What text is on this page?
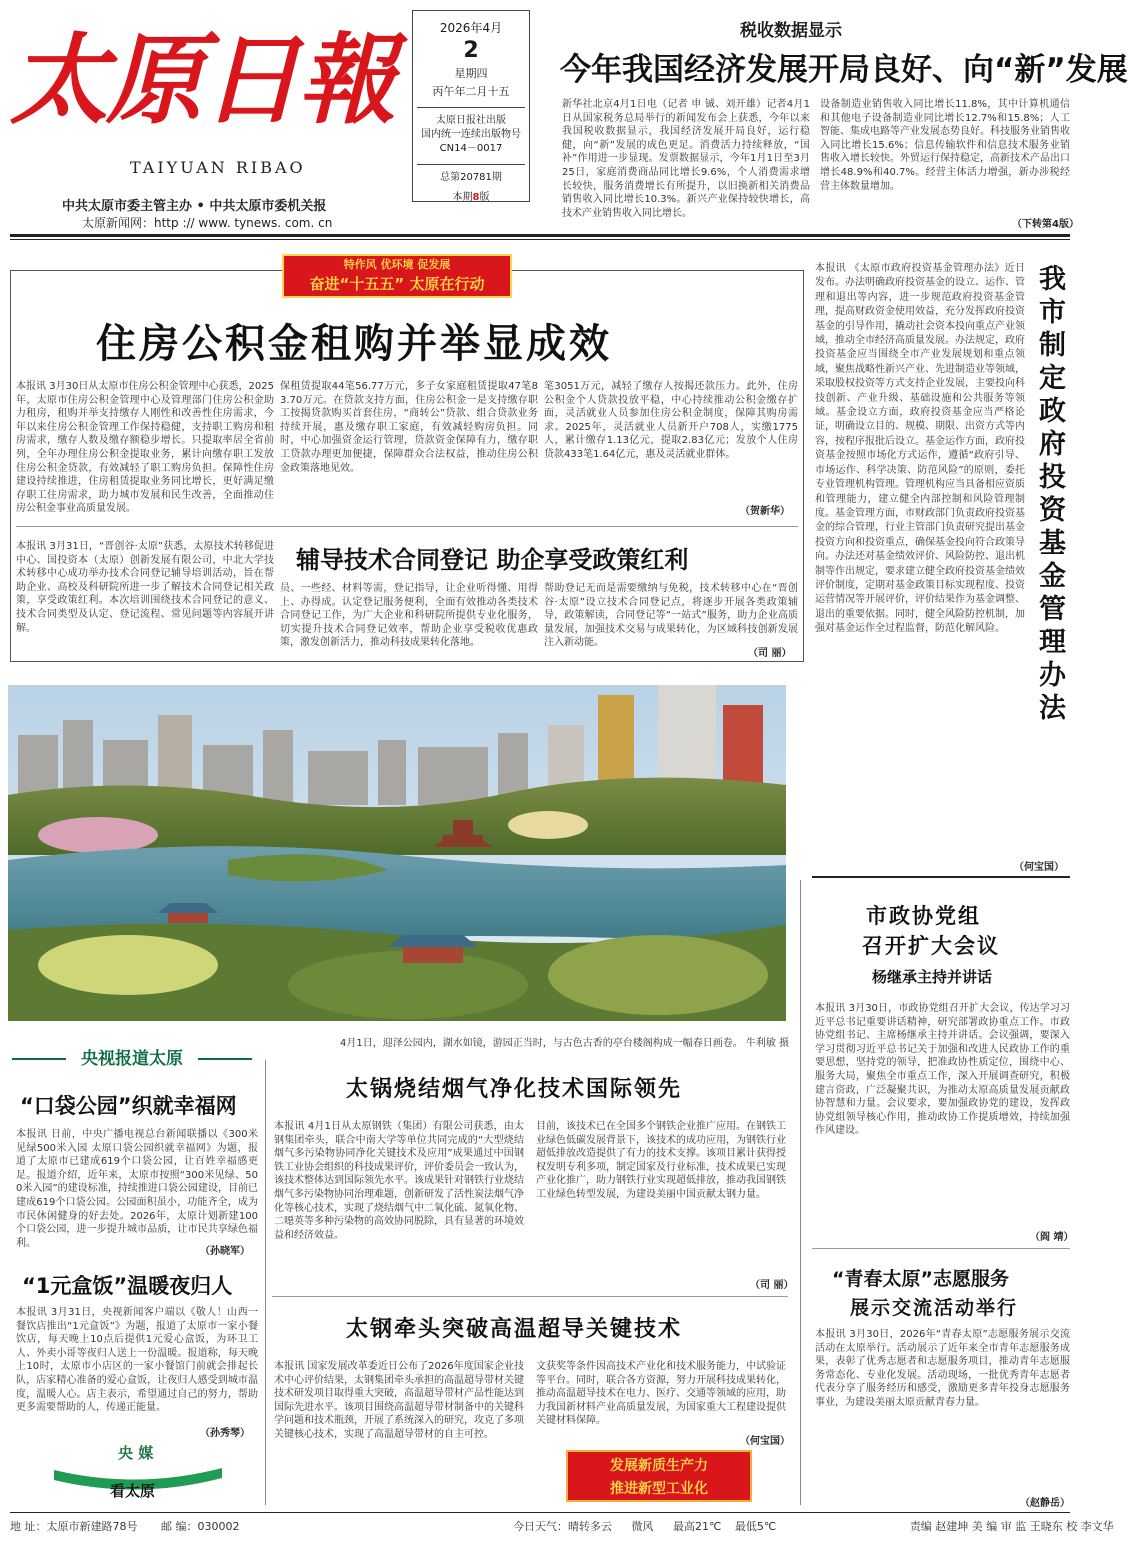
太原日報
TAIYUAN RIBAO
中共太原市委主管主办 • 中共太原市委机关报
太原新闻网：http :// www. tynews. com. cn
2026年4月
2
星期四
丙午年二月十五
太原日报社出版
国内统一连续出版物号
CN14－0017
总第20781期
本期8版
税收数据显示
今年我国经济发展开局良好、向“新”发展
新华社北京4月1日电（记者 申 铖、刘开雄）记者4月1日从国家税务总局举行的新闻发布会上获悉，今年以来我国税收数据显示，我国经济发展开局良好，运行稳健，向“新”发展的成色更足。消费活力持续释放，“国补”作用进一步显现。发票数据显示，今年1月1日至3月25日，家庭消费商品同比增长9.6%，个人消费需求增长较快，服务消费增长有所提升，以旧换新相关消费品销售收入同比增长10.3%。新兴产业保持较快增长，高技术产业销售收入同比增长。
设备制造业销售收入同比增长11.8%，其中计算机通信和其他电子设备制造业同比增长12.7%和15.8%；人工智能、集成电路等产业发展态势良好。科技服务业销售收入同比增长15.6%；信息传输软件和信息技术服务业销售收入增长较快。外贸运行保持稳定，高新技术产品出口增长48.9%和40.7%。经营主体活力增强，新办涉税经营主体数量增加。
（下转第4版）
特作风 优环境 促发展
奋进“十五五” 太原在行动
住房公积金租购并举显成效
本报讯 3月30日从太原市住房公积金管理中心获悉，2025年，太原市住房公积金管理中心及管理部门住房公积金助力租房，租购并举支持缴存人刚性和改善性住房需求，今年以来住房公积金管理工作保持稳健，支持职工购房和租房需求，缴存人数及缴存额稳步增长。只提取率居全省前列，全年办理住房公积金提取业务，累计向缴存职工发放住房公积金贷款，有效减轻了职工购房负担。保障性住房建设持续推进，住房租赁提取业务同比增长，更好满足缴存职工住房需求，助力城市发展和民生改善，全面推动住房公积金事业高质量发展。
保租赁提取44笔56.77万元，多子女家庭租赁提取47笔83.70万元。在贷款支持方面，住房公积金一是支持缴存职工按揭贷款购买首套住房，“商转公”贷款、组合贷款业务持续开展，惠及缴存职工家庭，有效减轻购房负担。同时，中心加强资金运行管理，贷款资金保障有力，缴存职工贷款办理更加便捷，保障群众合法权益，推动住房公积金政策落地见效。
笔3051万元，减轻了缴存人按揭还款压力。此外，住房公积金个人贷款投放平稳，中心持续推动公积金缴存扩面，灵活就业人员参加住房公积金制度，保障其购房需求。2025年，灵活就业人员新开户708人，实缴1775人，累计缴存1.13亿元，提取2.83亿元；发放个人住房贷款433笔1.64亿元，惠及灵活就业群体。
（贺新华）
辅导技术合同登记 助企享受政策红利
本报讯 3月31日，“晋创谷·太原”获悉，太原技术转移促进中心、国投资本（太原）创新发展有限公司，中北大学技术转移中心成功举办技术合同登记辅导培训活动，旨在帮助企业、高校及科研院所进一步了解技术合同登记相关政策，享受政策红利。本次培训围绕技术合同登记的意义、技术合同类型及认定、登记流程、常见问题等内容展开讲解。
员、一些经、材料等需，登记指导，让企业听得懂、用得上、办得成。认定登记服务便利，全面有效推动各类技术合同登记工作，为广大企业和科研院所提供专业化服务，切实提升技术合同登记效率，帮助企业享受税收优惠政策，激发创新活力，推动科技成果转化落地。
帮助登记无而是需要缴纳与免税，技术转移中心在“晋创谷·太原”设立技术合同登记点，将逐步开展各类政策辅导，政策解读，合同登记等“一站式”服务，助力企业高质量发展，加强技术交易与成果转化，为区域科技创新发展注入新动能。
（司 丽）
本报讯 《太原市政府投资基金管理办法》近日发布。办法明确政府投资基金的设立、运作、管理和退出等内容，进一步规范政府投资基金管理，提高财政资金使用效益，充分发挥政府投资基金的引导作用，撬动社会资本投向重点产业领域，推动全市经济高质量发展。办法规定，政府投资基金应当围绕全市产业发展规划和重点领域，聚焦战略性新兴产业、先进制造业等领域，采取股权投资等方式支持企业发展，主要投向科技创新、产业升级、基础设施和公共服务等领域。基金设立方面，政府投资基金应当严格论证，明确设立目的、规模、期限、出资方式等内容，按程序报批后设立。基金运作方面，政府投资基金按照市场化方式运作，遵循“政府引导、市场运作、科学决策、防范风险”的原则，委托专业管理机构管理。管理机构应当具备相应资质和管理能力，建立健全内部控制和风险管理制度。基金管理方面，市财政部门负责政府投资基金的综合管理，行业主管部门负责研究提出基金投资方向和投资重点，确保基金投向符合政策导向。办法还对基金绩效评价、风险防控、退出机制等作出规定，要求建立健全政府投资基金绩效评价制度，定期对基金政策目标实现程度、投资运营情况等开展评价，评价结果作为基金调整、退出的重要依据。同时，健全风险防控机制，加强对基金运作全过程监督，防范化解风险。	我市制定政府投资基金管理办法
（何宝国）
4月1日，迎泽公园内，湖水如镜，游园正当时，与古色古香的亭台楼阁构成一幅春日画卷。 牛利敏 摄
央视报道太原
“口袋公园”织就幸福网
本报讯 日前，中央广播电视总台新闻联播以《300米见绿500米入园 太原口袋公园织就幸福网》为题，报道了太原市已建成619个口袋公园，让百姓幸福感更足。报道介绍，近年来，太原市按照“300米见绿、500米入园”的建设标准，持续推进口袋公园建设，目前已建成619个口袋公园。公园面积虽小，功能齐全，成为市民休闲健身的好去处。2026年，太原计划新建100个口袋公园，进一步提升城市品质，让市民共享绿色福利。
（孙晓军）
“1元盒饭”温暖夜归人
本报讯 3月31日，央视新闻客户端以《敬人！山西一餐饮店推出“1元盒饭”》为题，报道了太原市一家小餐饮店，每天晚上10点后提供1元爱心盒饭，为环卫工人、外卖小哥等夜归人送上一份温暖。报道称，每天晚上10时，太原市小店区的一家小餐馆门前就会排起长队，店家精心准备的爱心盒饭，让夜归人感受到城市温度，温暖人心。店主表示，希望通过自己的努力，帮助更多需要帮助的人，传递正能量。
（孙秀琴）
央 媒
看太原
太锅烧结烟气净化技术国际领先
本报讯 4月1日从太原钢铁（集团）有限公司获悉，由太钢集团牵头，联合中南大学等单位共同完成的“大型烧结烟气多污染物协同净化关键技术及应用”成果通过中国钢铁工业协会组织的科技成果评价，评价委员会一致认为，该技术整体达到国际领先水平。该成果针对钢铁行业烧结烟气多污染物协同治理难题，创新研发了活性炭法烟气净化等核心技术，实现了烧结烟气中二氧化硫、氮氧化物、二噁英等多种污染物的高效协同脱除，具有显著的环境效益和经济效益。
目前，该技术已在全国多个钢铁企业推广应用。在钢铁工业绿色低碳发展背景下，该技术的成功应用，为钢铁行业超低排放改造提供了有力的技术支撑。该项目累计获得授权发明专利多项，制定国家及行业标准，技术成果已实现产业化推广，助力钢铁行业实现超低排放，推动我国钢铁工业绿色转型发展，为建设美丽中国贡献太钢力量。
（司 丽）
太钢牵头突破高温超导关键技术
本报讯 国家发展改革委近日公布了2026年度国家企业技术中心评价结果，太钢集团牵头承担的高温超导带材关键技术研发项目取得重大突破，高温超导带材产品性能达到国际先进水平。该项目围绕高温超导带材制备中的关键科学问题和技术瓶颈，开展了系统深入的研究，攻克了多项关键核心技术，实现了高温超导带材的自主可控。
文获奖等条件因高技术产业化和技术服务能力，中试验证等平台。同时，联合各方资源，努力开展科技成果转化，推动高温超导技术在电力、医疗、交通等领域的应用，助力我国新材料产业高质量发展，为国家重大工程建设提供关键材料保障。
（何宝国）
发展新质生产力
推进新型工业化
市政协党组
召开扩大会议
杨继承主持并讲话
本报讯 3月30日，市政协党组召开扩大会议，传达学习习近平总书记重要讲话精神，研究部署政协重点工作。市政协党组书记、主席杨继承主持并讲话。会议强调，要深入学习贯彻习近平总书记关于加强和改进人民政协工作的重要思想，坚持党的领导，把准政协性质定位，围绕中心、服务大局，聚焦全市重点工作，深入开展调查研究，积极建言资政，广泛凝聚共识，为推动太原高质量发展贡献政协智慧和力量。会议要求，要加强政协党的建设，发挥政协党组领导核心作用，推动政协工作提质增效，持续加强作风建设。
（阎 靖）
“青春太原”志愿服务
展示交流活动举行
本报讯 3月30日，2026年“青春太原”志愿服务展示交流活动在太原举行。活动展示了近年来全市青年志愿服务成果，表彰了优秀志愿者和志愿服务项目，推动青年志愿服务常态化、专业化发展。活动现场，一批优秀青年志愿者代表分享了服务经历和感受，激励更多青年投身志愿服务事业，为建设美丽太原贡献青春力量。
（赵静岳）
地 址：太原市新建路78号 邮 编：030002	今日天气：晴转多云 微风 最高21℃ 最低5℃	责编 赵建坤 美 编 审 监 王晓东 校 李文华
